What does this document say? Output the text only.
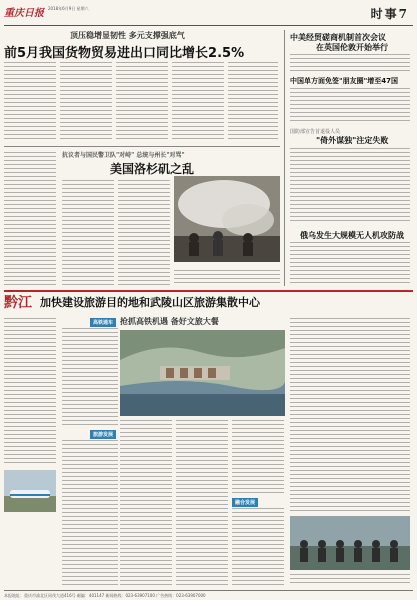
重庆日报 2018年6月9日 星期六	时事7
顶压稳增显韧性 多元支撑强底气
前5月我国货物贸易进出口同比增长2.5%
抗议者与国民警卫队"对峙" 总统与州长"对骂"
美国洛杉矶之乱

中美经贸磋商机制首次会议
在英国伦敦开始举行
中国单方面免签"朋友圈"增至47国
国防部宣告首退役人员
"倚外谋独"注定失败
俄乌发生大规模无人机攻防战
黔江 加快建设旅游目的地和武陵山区旅游集散中心
高铁通车
旅游发展
抢抓高铁机遇 备好文旅大餐
融合发展
本报地址：重庆市渝北区同茂大道416号 邮编：401147 新闻热线：023-63907100 广告热线：023-63907000
